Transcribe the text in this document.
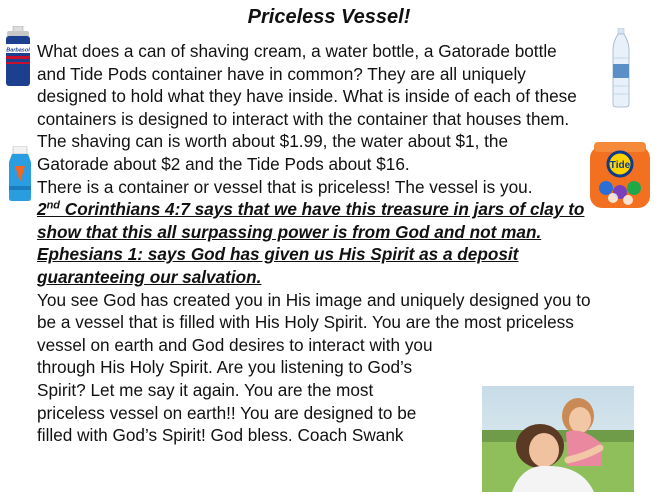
Priceless Vessel!
Barbasol
Tide
What does a can of shaving cream, a water bottle, a Gatorade bottle
and Tide Pods container have in common? They are all uniquely
designed to hold what they have inside. What is inside of each of these
containers is designed to interact with the container that houses them.
The shaving can is worth about $1.99, the water about $1, the
Gatorade about $2 and the Tide Pods about $16.
There is a container or vessel that is priceless! The vessel is you.
2nd Corinthians 4:7 says that we have this treasure in jars of clay to
show that this all surpassing power is from God and not man.
Ephesians 1: says God has given us His Spirit as a deposit
guaranteeing our salvation.
You see God has created you in His image and uniquely designed you to
be a vessel that is filled with His Holy Spirit. You are the most priceless
vessel on earth and God desires to interact with you
through His Holy Spirit. Are you listening to God’s
Spirit? Let me say it again. You are the most
priceless vessel on earth!! You are designed to be
filled with God’s Spirit! God bless. Coach Swank
